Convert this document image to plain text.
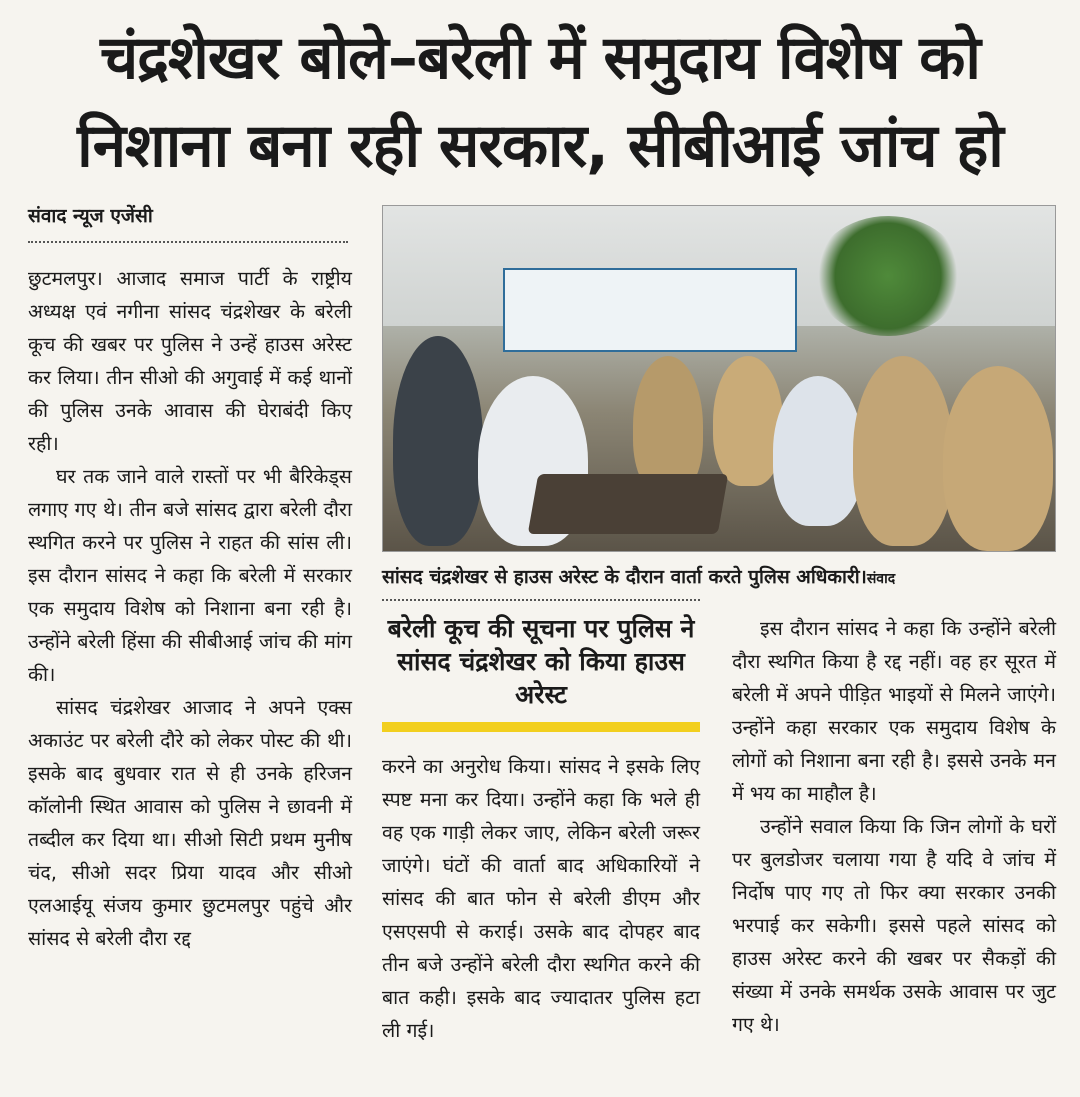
चंद्रशेखर बोले–बरेली में समुदाय विशेष को
निशाना बना रही सरकार, सीबीआई जांच हो
संवाद न्यूज एजेंसी

छुटमलपुर। आजाद समाज पार्टी के राष्ट्रीय अध्यक्ष एवं नगीना सांसद चंद्रशेखर के बरेली कूच की खबर पर पुलिस ने उन्हें हाउस अरेस्ट कर लिया। तीन सीओ की अगुवाई में कई थानों की पुलिस उनके आवास की घेराबंदी किए रही।

घर तक जाने वाले रास्तों पर भी बैरिकेड्स लगाए गए थे। तीन बजे सांसद द्वारा बरेली दौरा स्थगित करने पर पुलिस ने राहत की सांस ली। इस दौरान सांसद ने कहा कि बरेली में सरकार एक समुदाय विशेष को निशाना बना रही है। उन्होंने बरेली हिंसा की सीबीआई जांच की मांग की।

सांसद चंद्रशेखर आजाद ने अपने एक्स अकाउंट पर बरेली दौरे को लेकर पोस्ट की थी। इसके बाद बुधवार रात से ही उनके हरिजन कॉलोनी स्थित आवास को पुलिस ने छावनी में तब्दील कर दिया था। सीओ सिटी प्रथम मुनीष चंद, सीओ सदर प्रिया यादव और सीओ एलआईयू संजय कुमार छुटमलपुर पहुंचे और सांसद से बरेली दौरा रद्द

सांसद चंद्रशेखर से हाउस अरेस्ट के दौरान वार्ता करते पुलिस अधिकारी।संवाद
बरेली कूच की सूचना पर पुलिस ने सांसद चंद्रशेखर को किया हाउस अरेस्ट

करने का अनुरोध किया। सांसद ने इसके लिए स्पष्ट मना कर दिया। उन्होंने कहा कि भले ही वह एक गाड़ी लेकर जाए, लेकिन बरेली जरूर जाएंगे। घंटों की वार्ता बाद अधिकारियों ने सांसद की बात फोन से बरेली डीएम और एसएसपी से कराई। उसके बाद दोपहर बाद तीन बजे उन्होंने बरेली दौरा स्थगित करने की बात कही। इसके बाद ज्यादातर पुलिस हटा ली गई।

इस दौरान सांसद ने कहा कि उन्होंने बरेली दौरा स्थगित किया है रद्द नहीं। वह हर सूरत में बरेली में अपने पीड़ित भाइयों से मिलने जाएंगे। उन्होंने कहा सरकार एक समुदाय विशेष के लोगों को निशाना बना रही है। इससे उनके मन में भय का माहौल है।

उन्होंने सवाल किया कि जिन लोगों के घरों पर बुलडोजर चलाया गया है यदि वे जांच में निर्दोष पाए गए तो फिर क्या सरकार उनकी भरपाई कर सकेगी। इससे पहले सांसद को हाउस अरेस्ट करने की खबर पर सैकड़ों की संख्या में उनके समर्थक उसके आवास पर जुट गए थे।
